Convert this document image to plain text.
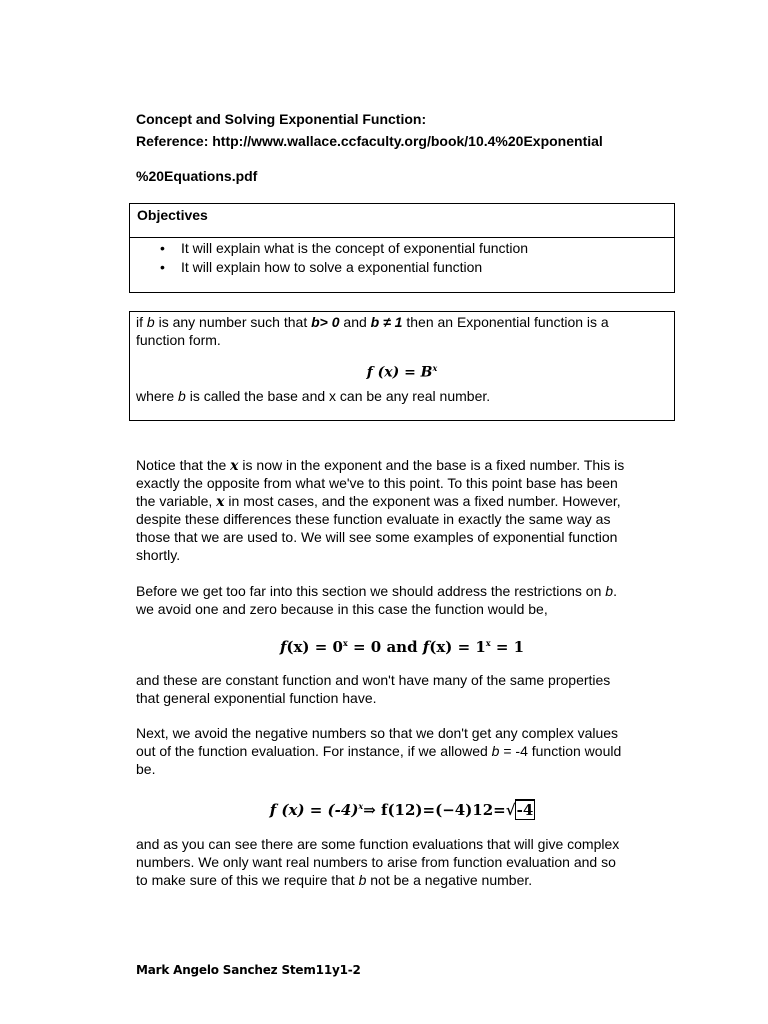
Concept and Solving Exponential Function:
Reference: http://www.wallace.ccfaculty.org/book/10.4%20Exponential
%20Equations.pdf
Objectives
• It will explain what is the concept of exponential function
• It will explain how to solve a exponential function
if b is any number such that b> 0 and b ≠ 1 then an Exponential function is a
function form.
f $(x) = B^x$
where b is called the base and x can be any real number.
Notice that the x is now in the exponent and the base is a fixed number. This is
exactly the opposite from what we've to this point. To this point base has been
the variable, x in most cases, and the exponent was a fixed number. However,
despite these differences these function evaluate in exactly the same way as
those that we are used to. We will see some examples of exponential function
shortly.
Before we get too far into this section we should address the restrictions on b.
we avoid one and zero because in this case the function would be,
$f(x) = 0^x = 0$ and $f(x) = 1^x = 1$
and these are constant function and won't have many of the same properties
that general exponential function have.
Next, we avoid the negative numbers so that we don't get any complex values
out of the function evaluation. For instance, if we allowed b = -4 function would
be.
f $(x) = (-4)^x\Rightarrow$ f(12)=(−4)12=√-4
and as you can see there are some function evaluations that will give complex
numbers. We only want real numbers to arise from function evaluation and so
to make sure of this we require that b not be a negative number.
Mark Angelo Sanchez Stem11y1-2
